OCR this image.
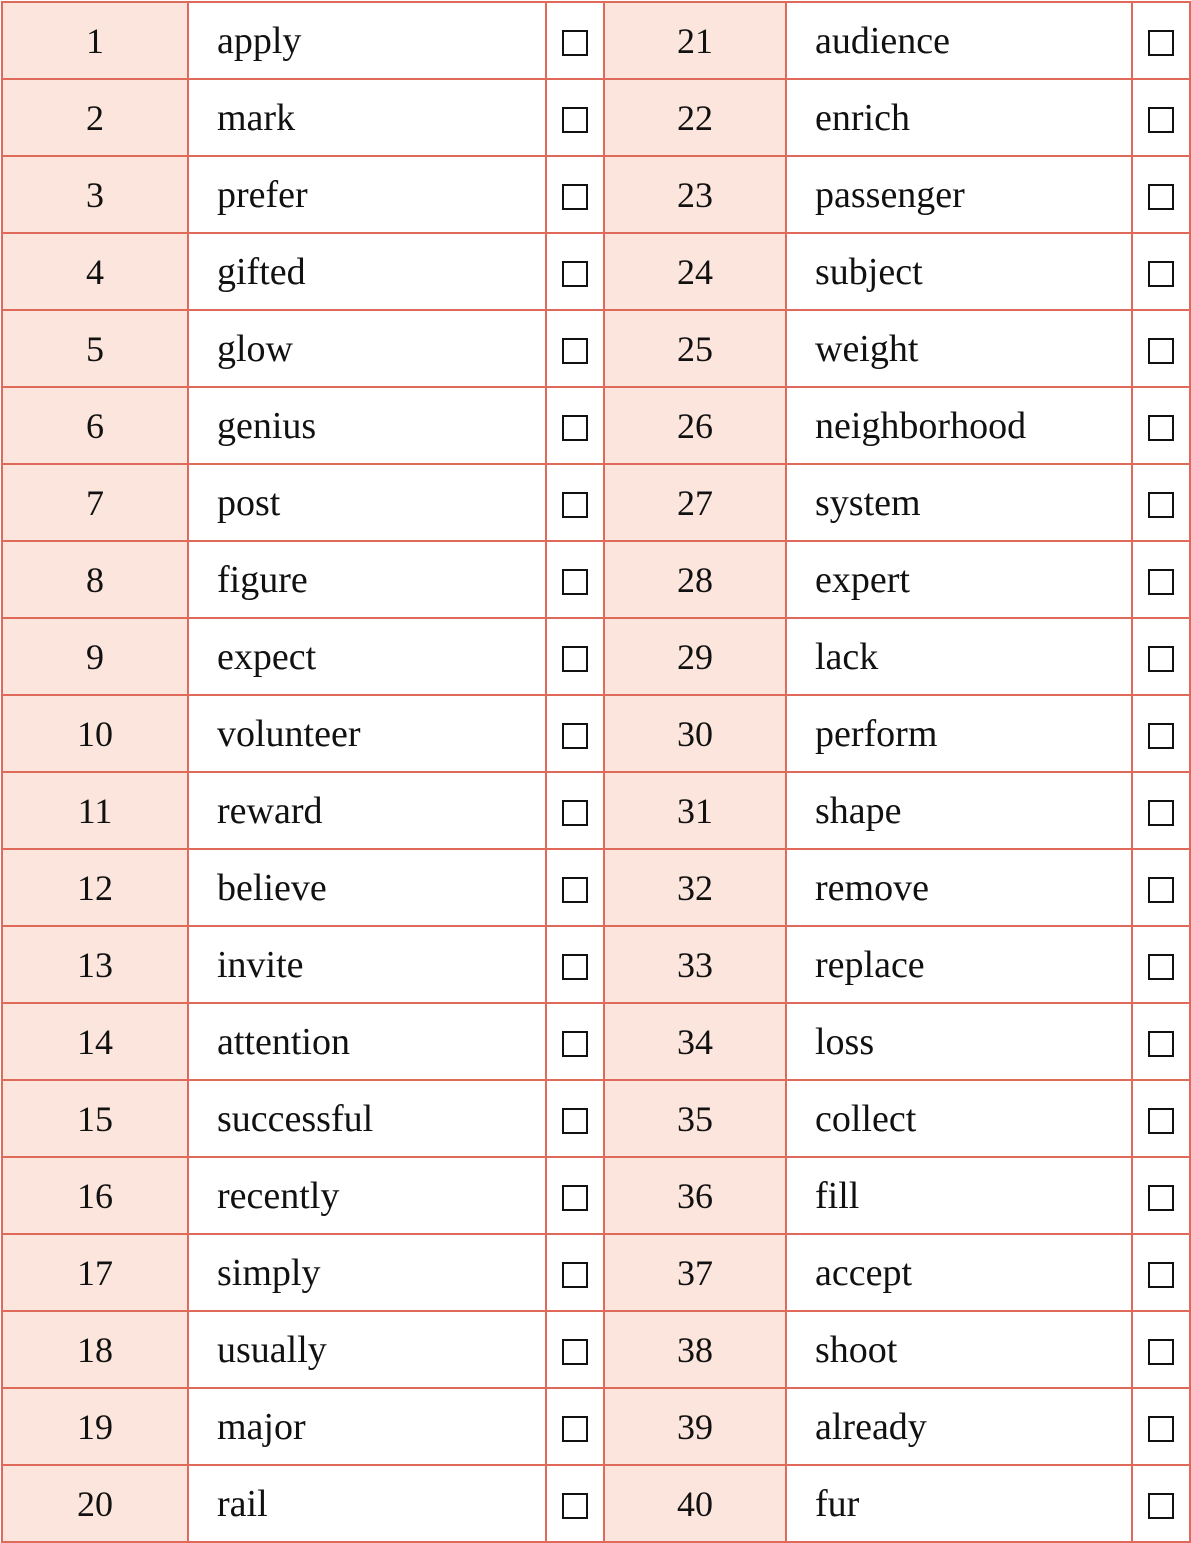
1	apply		21	audience	
2	mark		22	enrich	
3	prefer		23	passenger	
4	gifted		24	subject	
5	glow		25	weight	
6	genius		26	neighborhood	
7	post		27	system	
8	figure		28	expert	
9	expect		29	lack	
10	volunteer		30	perform	
11	reward		31	shape	
12	believe		32	remove	
13	invite		33	replace	
14	attention		34	loss	
15	successful		35	collect	
16	recently		36	fill	
17	simply		37	accept	
18	usually		38	shoot	
19	major		39	already	
20	rail		40	fur	
